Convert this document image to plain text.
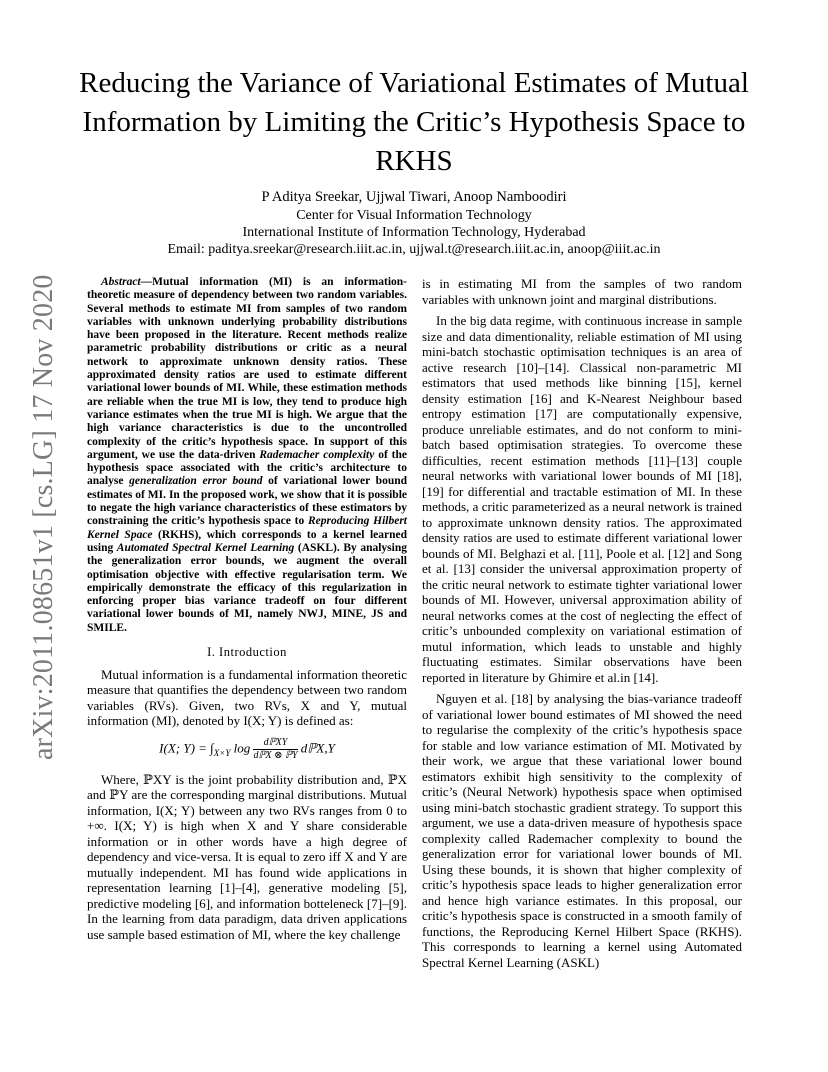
arXiv:2011.08651v1 [cs.LG] 17 Nov 2020
Reducing the Variance of Variational Estimates of Mutual Information by Limiting the Critic’s Hypothesis Space to RKHS
P Aditya Sreekar, Ujjwal Tiwari, Anoop Namboodiri
Center for Visual Information Technology
International Institute of Information Technology, Hyderabad
Email: paditya.sreekar@research.iiit.ac.in, ujjwal.t@research.iiit.ac.in, anoop@iiit.ac.in

Abstract—Mutual information (MI) is an information-theoretic measure of dependency between two random variables. Several methods to estimate MI from samples of two random variables with unknown underlying probability distributions have been proposed in the literature. Recent methods realize parametric probability distributions or critic as a neural network to approximate unknown density ratios. These approximated density ratios are used to estimate different variational lower bounds of MI. While, these estimation methods are reliable when the true MI is low, they tend to produce high variance estimates when the true MI is high. We argue that the high variance characteristics is due to the uncontrolled complexity of the critic’s hypothesis space. In support of this argument, we use the data-driven Rademacher complexity of the hypothesis space associated with the critic’s architecture to analyse generalization error bound of variational lower bound estimates of MI. In the proposed work, we show that it is possible to negate the high variance characteristics of these estimators by constraining the critic’s hypothesis space to Reproducing Hilbert Kernel Space (RKHS), which corresponds to a kernel learned using Automated Spectral Kernel Learning (ASKL). By analysing the generalization error bounds, we augment the overall optimisation objective with effective regularisation term. We empirically demonstrate the efficacy of this regularization in enforcing proper bias variance tradeoff on four different variational lower bounds of MI, namely NWJ, MINE, JS and SMILE.

I. Introduction

Mutual information is a fundamental information theoretic measure that quantifies the dependency between two random variables (RVs). Given, two RVs, X and Y, mutual information (MI), denoted by I(X; Y) is defined as:

I(X; $Y) = \int_{X\times Y}$ $\log \frac{\text{dℙXY}}{\text{dℙX ⊗ ℙY}}$ dℙX,Y

Where, ℙXY is the joint probability distribution and, ℙX and ℙY are the corresponding marginal distributions. Mutual information, I(X; Y) between any two RVs ranges from 0 to +∞. I(X; Y) is high when X and Y share considerable information or in other words have a high degree of dependency and vice-versa. It is equal to zero iff X and Y are mutually independent. MI has found wide applications in representation learning [1]–[4], generative modeling [5], predictive modeling [6], and information botteleneck [7]–[9]. In the learning from data paradigm, data driven applications use sample based estimation of MI, where the key challenge

is in estimating MI from the samples of two random variables with unknown joint and marginal distributions.

In the big data regime, with continuous increase in sample size and data dimentionality, reliable estimation of MI using mini-batch stochastic optimisation techniques is an area of active research [10]–[14]. Classical non-parametric MI estimators that used methods like binning [15], kernel density estimation [16] and K-Nearest Neighbour based entropy estimation [17] are computationally expensive, produce unreliable estimates, and do not conform to mini-batch based optimisation strategies. To overcome these difficulties, recent estimation methods [11]–[13] couple neural networks with variational lower bounds of MI [18], [19] for differential and tractable estimation of MI. In these methods, a critic parameterized as a neural network is trained to approximate unknown density ratios. The approximated density ratios are used to estimate different variational lower bounds of MI. Belghazi et al. [11], Poole et al. [12] and Song et al. [13] consider the universal approximation property of the critic neural network to estimate tighter variational lower bounds of MI. However, universal approximation ability of neural networks comes at the cost of neglecting the effect of critic’s unbounded complexity on variational estimation of mutul information, which leads to unstable and highly fluctuating estimates. Similar observations have been reported in literature by Ghimire et al.in [14].

Nguyen et al. [18] by analysing the bias-variance tradeoff of variational lower bound estimates of MI showed the need to regularise the complexity of the critic’s hypothesis space for stable and low variance estimation of MI. Motivated by their work, we argue that these variational lower bound estimators exhibit high sensitivity to the complexity of critic’s (Neural Network) hypothesis space when optimised using mini-batch stochastic gradient strategy. To support this argument, we use a data-driven measure of hypothesis space complexity called Rademacher complexity to bound the generalization error for variational lower bounds of MI. Using these bounds, it is shown that higher complexity of critic’s hypothesis space leads to higher generalization error and hence high variance estimates. In this proposal, our critic’s hypothesis space is constructed in a smooth family of functions, the Reproducing Kernel Hilbert Space (RKHS). This corresponds to learning a kernel using Automated Spectral Kernel Learning (ASKL)
